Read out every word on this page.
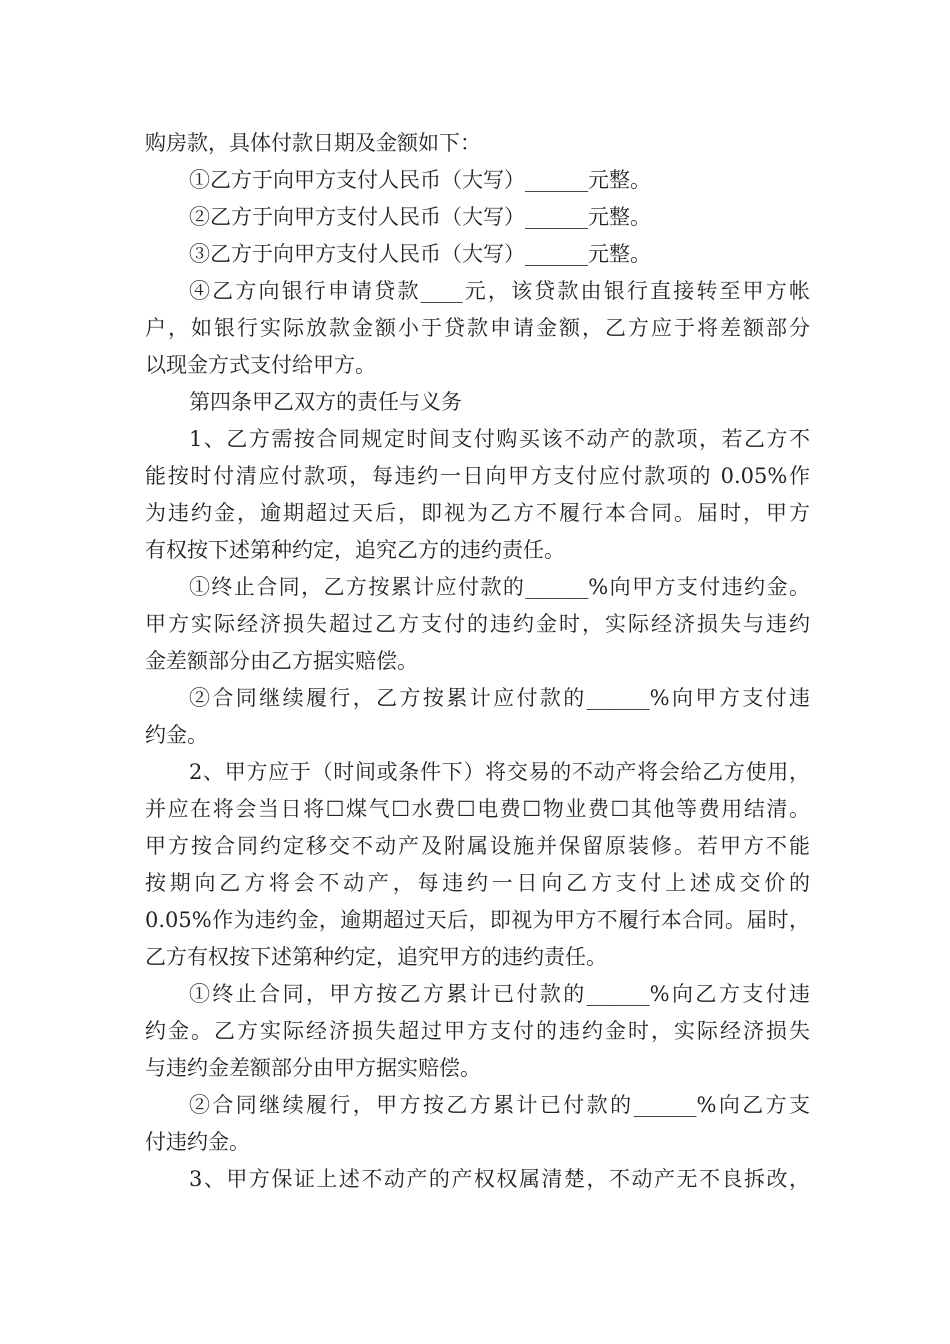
购房款，具体付款日期及金额如下：
①乙方于向甲方支付人民币（大写）______元整。
②乙方于向甲方支付人民币（大写）______元整。
③乙方于向甲方支付人民币（大写）______元整。
④乙方向银行申请贷款____元，该贷款由银行直接转至甲方帐
户，如银行实际放款金额小于贷款申请金额，乙方应于将差额部分
以现金方式支付给甲方。
第四条甲乙双方的责任与义务
1、乙方需按合同规定时间支付购买该不动产的款项，若乙方不
能按时付清应付款项，每违约一日向甲方支付应付款项的 0.05%作
为违约金，逾期超过天后，即视为乙方不履行本合同。届时，甲方
有权按下述第种约定，追究乙方的违约责任。
①终止合同，乙方按累计应付款的______%向甲方支付违约金。
甲方实际经济损失超过乙方支付的违约金时，实际经济损失与违约
金差额部分由乙方据实赔偿。
②合同继续履行，乙方按累计应付款的______%向甲方支付违
约金。
2、甲方应于（时间或条件下）将交易的不动产将会给乙方使用，
并应在将会当日将☐煤气☐水费☐电费☐物业费☐其他等费用结清。
甲方按合同约定移交不动产及附属设施并保留原装修。若甲方不能
按期向乙方将会不动产，每违约一日向乙方支付上述成交价的
0.05%作为违约金，逾期超过天后，即视为甲方不履行本合同。届时，
乙方有权按下述第种约定，追究甲方的违约责任。
①终止合同，甲方按乙方累计已付款的______%向乙方支付违
约金。乙方实际经济损失超过甲方支付的违约金时，实际经济损失
与违约金差额部分由甲方据实赔偿。
②合同继续履行，甲方按乙方累计已付款的______%向乙方支
付违约金。
3、甲方保证上述不动产的产权权属清楚，不动产无不良拆改，
